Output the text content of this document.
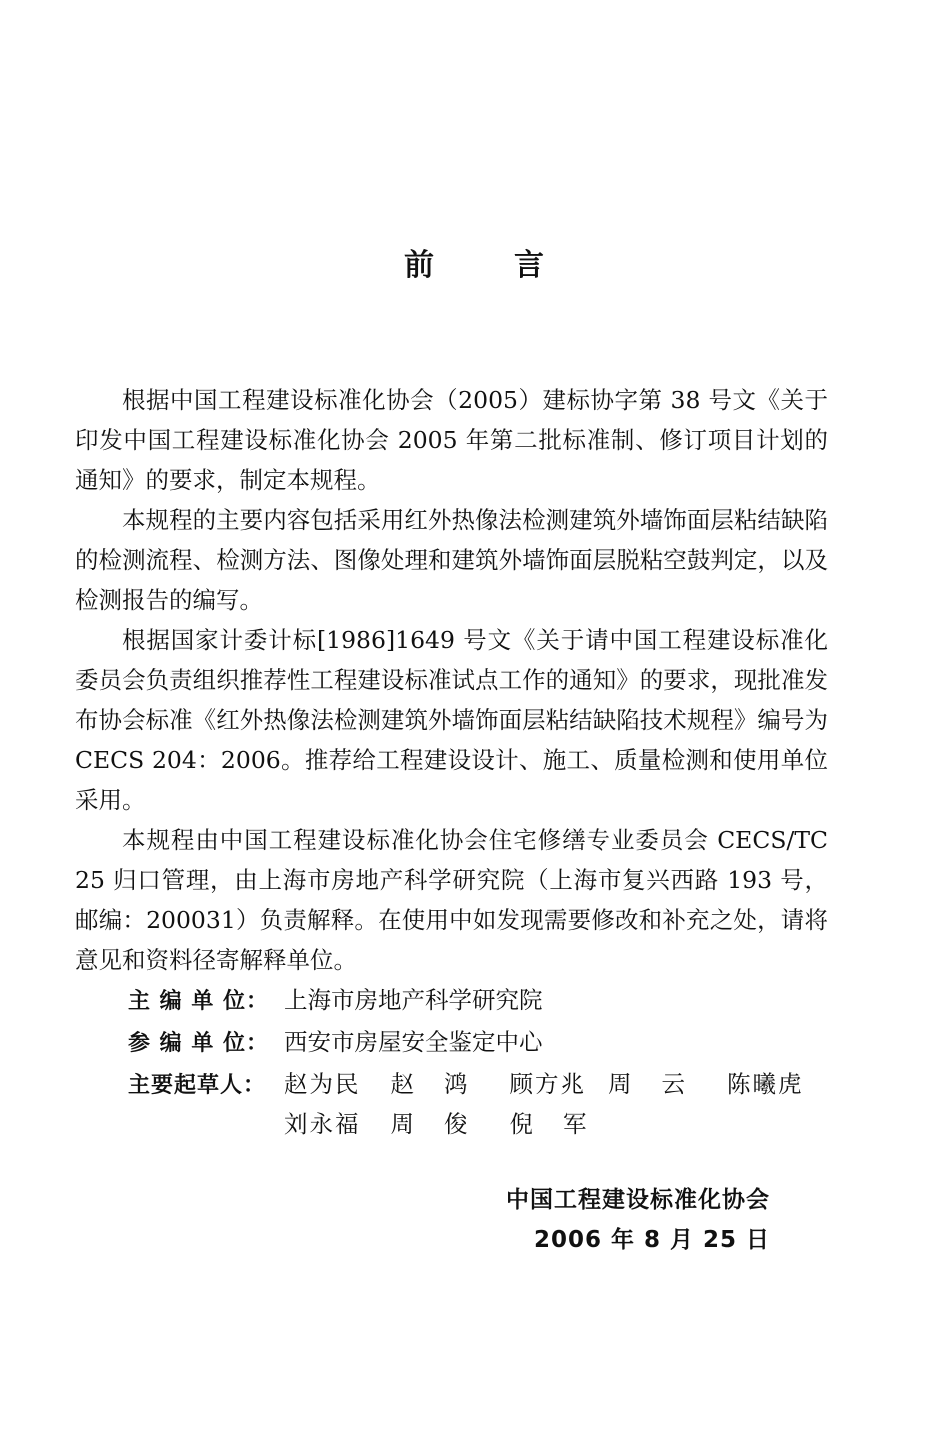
前	言

根据中国工程建设标准化协会（2005）建标协字第 38 号文《关于印发中国工程建设标准化协会 2005 年第二批标准制、修订项目计划的通知》的要求，制定本规程。

本规程的主要内容包括采用红外热像法检测建筑外墙饰面层粘结缺陷的检测流程、检测方法、图像处理和建筑外墙饰面层脱粘空鼓判定，以及检测报告的编写。

根据国家计委计标[1986]1649 号文《关于请中国工程建设标准化委员会负责组织推荐性工程建设标准试点工作的通知》的要求，现批准发布协会标准《红外热像法检测建筑外墙饰面层粘结缺陷技术规程》编号为 CECS 204：2006。推荐给工程建设设计、施工、质量检测和使用单位采用。

本规程由中国工程建设标准化协会住宅修缮专业委员会 CECS/TC 25 归口管理，由上海市房地产科学研究院（上海市复兴西路 193 号，邮编：200031）负责解释。在使用中如发现需要修改和补充之处，请将意见和资料径寄解释单位。

主 编 单 位： 上海市房地产科学研究院
参 编 单 位： 西安市房屋安全鉴定中心
主要起草人： 赵为民 赵鸿 顾方兆 周云 陈曦虎
刘永福 周俊 倪军
中国工程建设标准化协会
2006 年 8 月 25 日
